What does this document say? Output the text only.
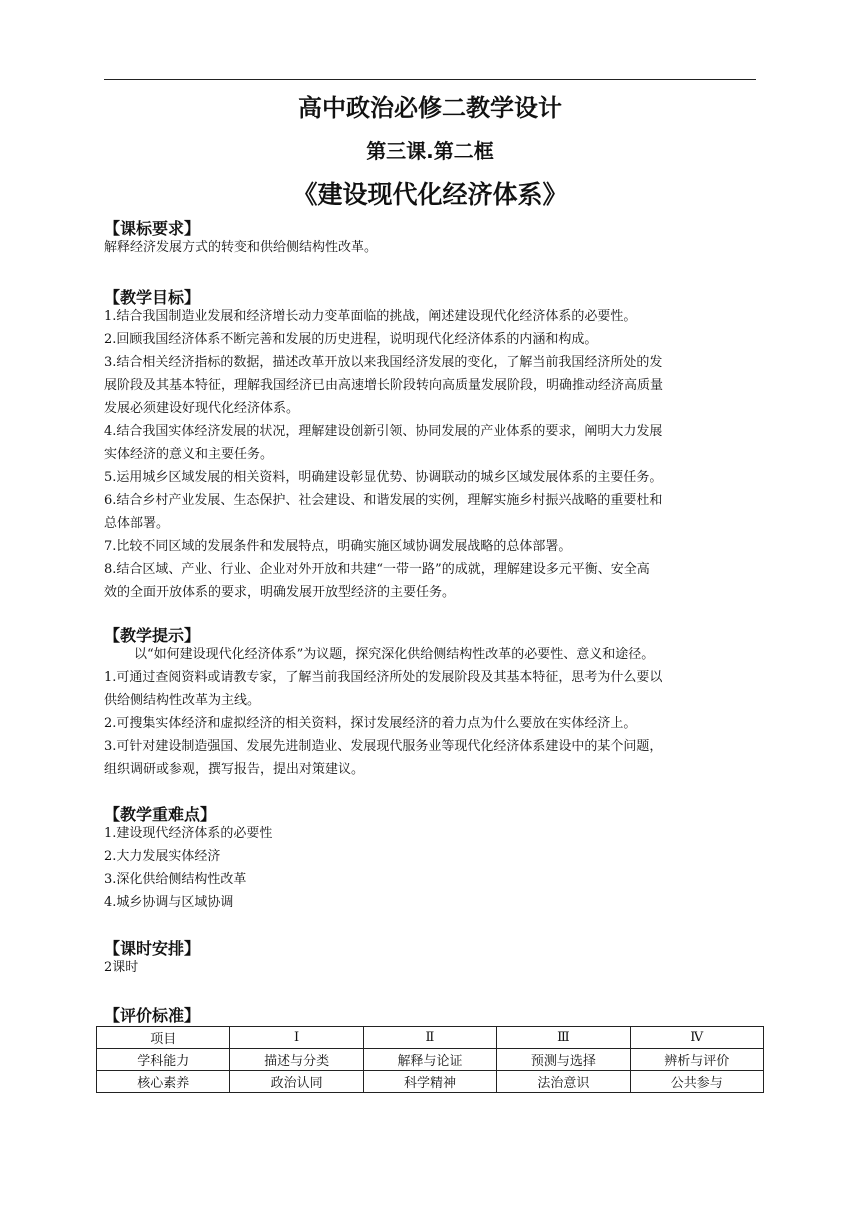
高中政治必修二教学设计
第三课.第二框
《建设现代化经济体系》
【课标要求】
解释经济发展方式的转变和供给侧结构性改革。
【教学目标】
1.结合我国制造业发展和经济增长动力变革面临的挑战，阐述建设现代化经济体系的必要性。
2.回顾我国经济体系不断完善和发展的历史进程，说明现代化经济体系的内涵和构成。
3.结合相关经济指标的数据，描述改革开放以来我国经济发展的变化，了解当前我国经济所处的发
展阶段及其基本特征，理解我国经济已由高速增长阶段转向高质量发展阶段，明确推动经济高质量
发展必须建设好现代化经济体系。
4.结合我国实体经济发展的状况，理解建设创新引领、协同发展的产业体系的要求，阐明大力发展
实体经济的意义和主要任务。
5.运用城乡区域发展的相关资料，明确建设彰显优势、协调联动的城乡区域发展体系的主要任务。
6.结合乡村产业发展、生态保护、社会建设、和谐发展的实例，理解实施乡村振兴战略的重要杜和
总体部署。
7.比较不同区域的发展条件和发展特点，明确实施区域协调发展战略的总体部署。
8.结合区域、产业、行业、企业对外开放和共建“一带一路”的成就，理解建设多元平衡、安全高
效的全面开放体系的要求，明确发展开放型经济的主要任务。
【教学提示】
以“如何建设现代化经济体系”为议题，探究深化供给侧结构性改革的必要性、意义和途径。
1.可通过查阅资料或请教专家，了解当前我国经济所处的发展阶段及其基本特征，思考为什么要以
供给侧结构性改革为主线。
2.可搜集实体经济和虚拟经济的相关资料，探讨发展经济的着力点为什么要放在实体经济上。
3.可针对建设制造强国、发展先进制造业、发展现代服务业等现代化经济体系建设中的某个问题，
组织调研或参观，撰写报告，提出对策建议。
【教学重难点】
1.建设现代经济体系的必要性
2.大力发展实体经济
3.深化供给侧结构性改革
4.城乡协调与区域协调
【课时安排】
2课时
【评价标准】
项目	Ⅰ	Ⅱ	Ⅲ	Ⅳ
学科能力	描述与分类	解释与论证	预测与选择	辨析与评价
核心素养	政治认同	科学精神	法治意识	公共参与
